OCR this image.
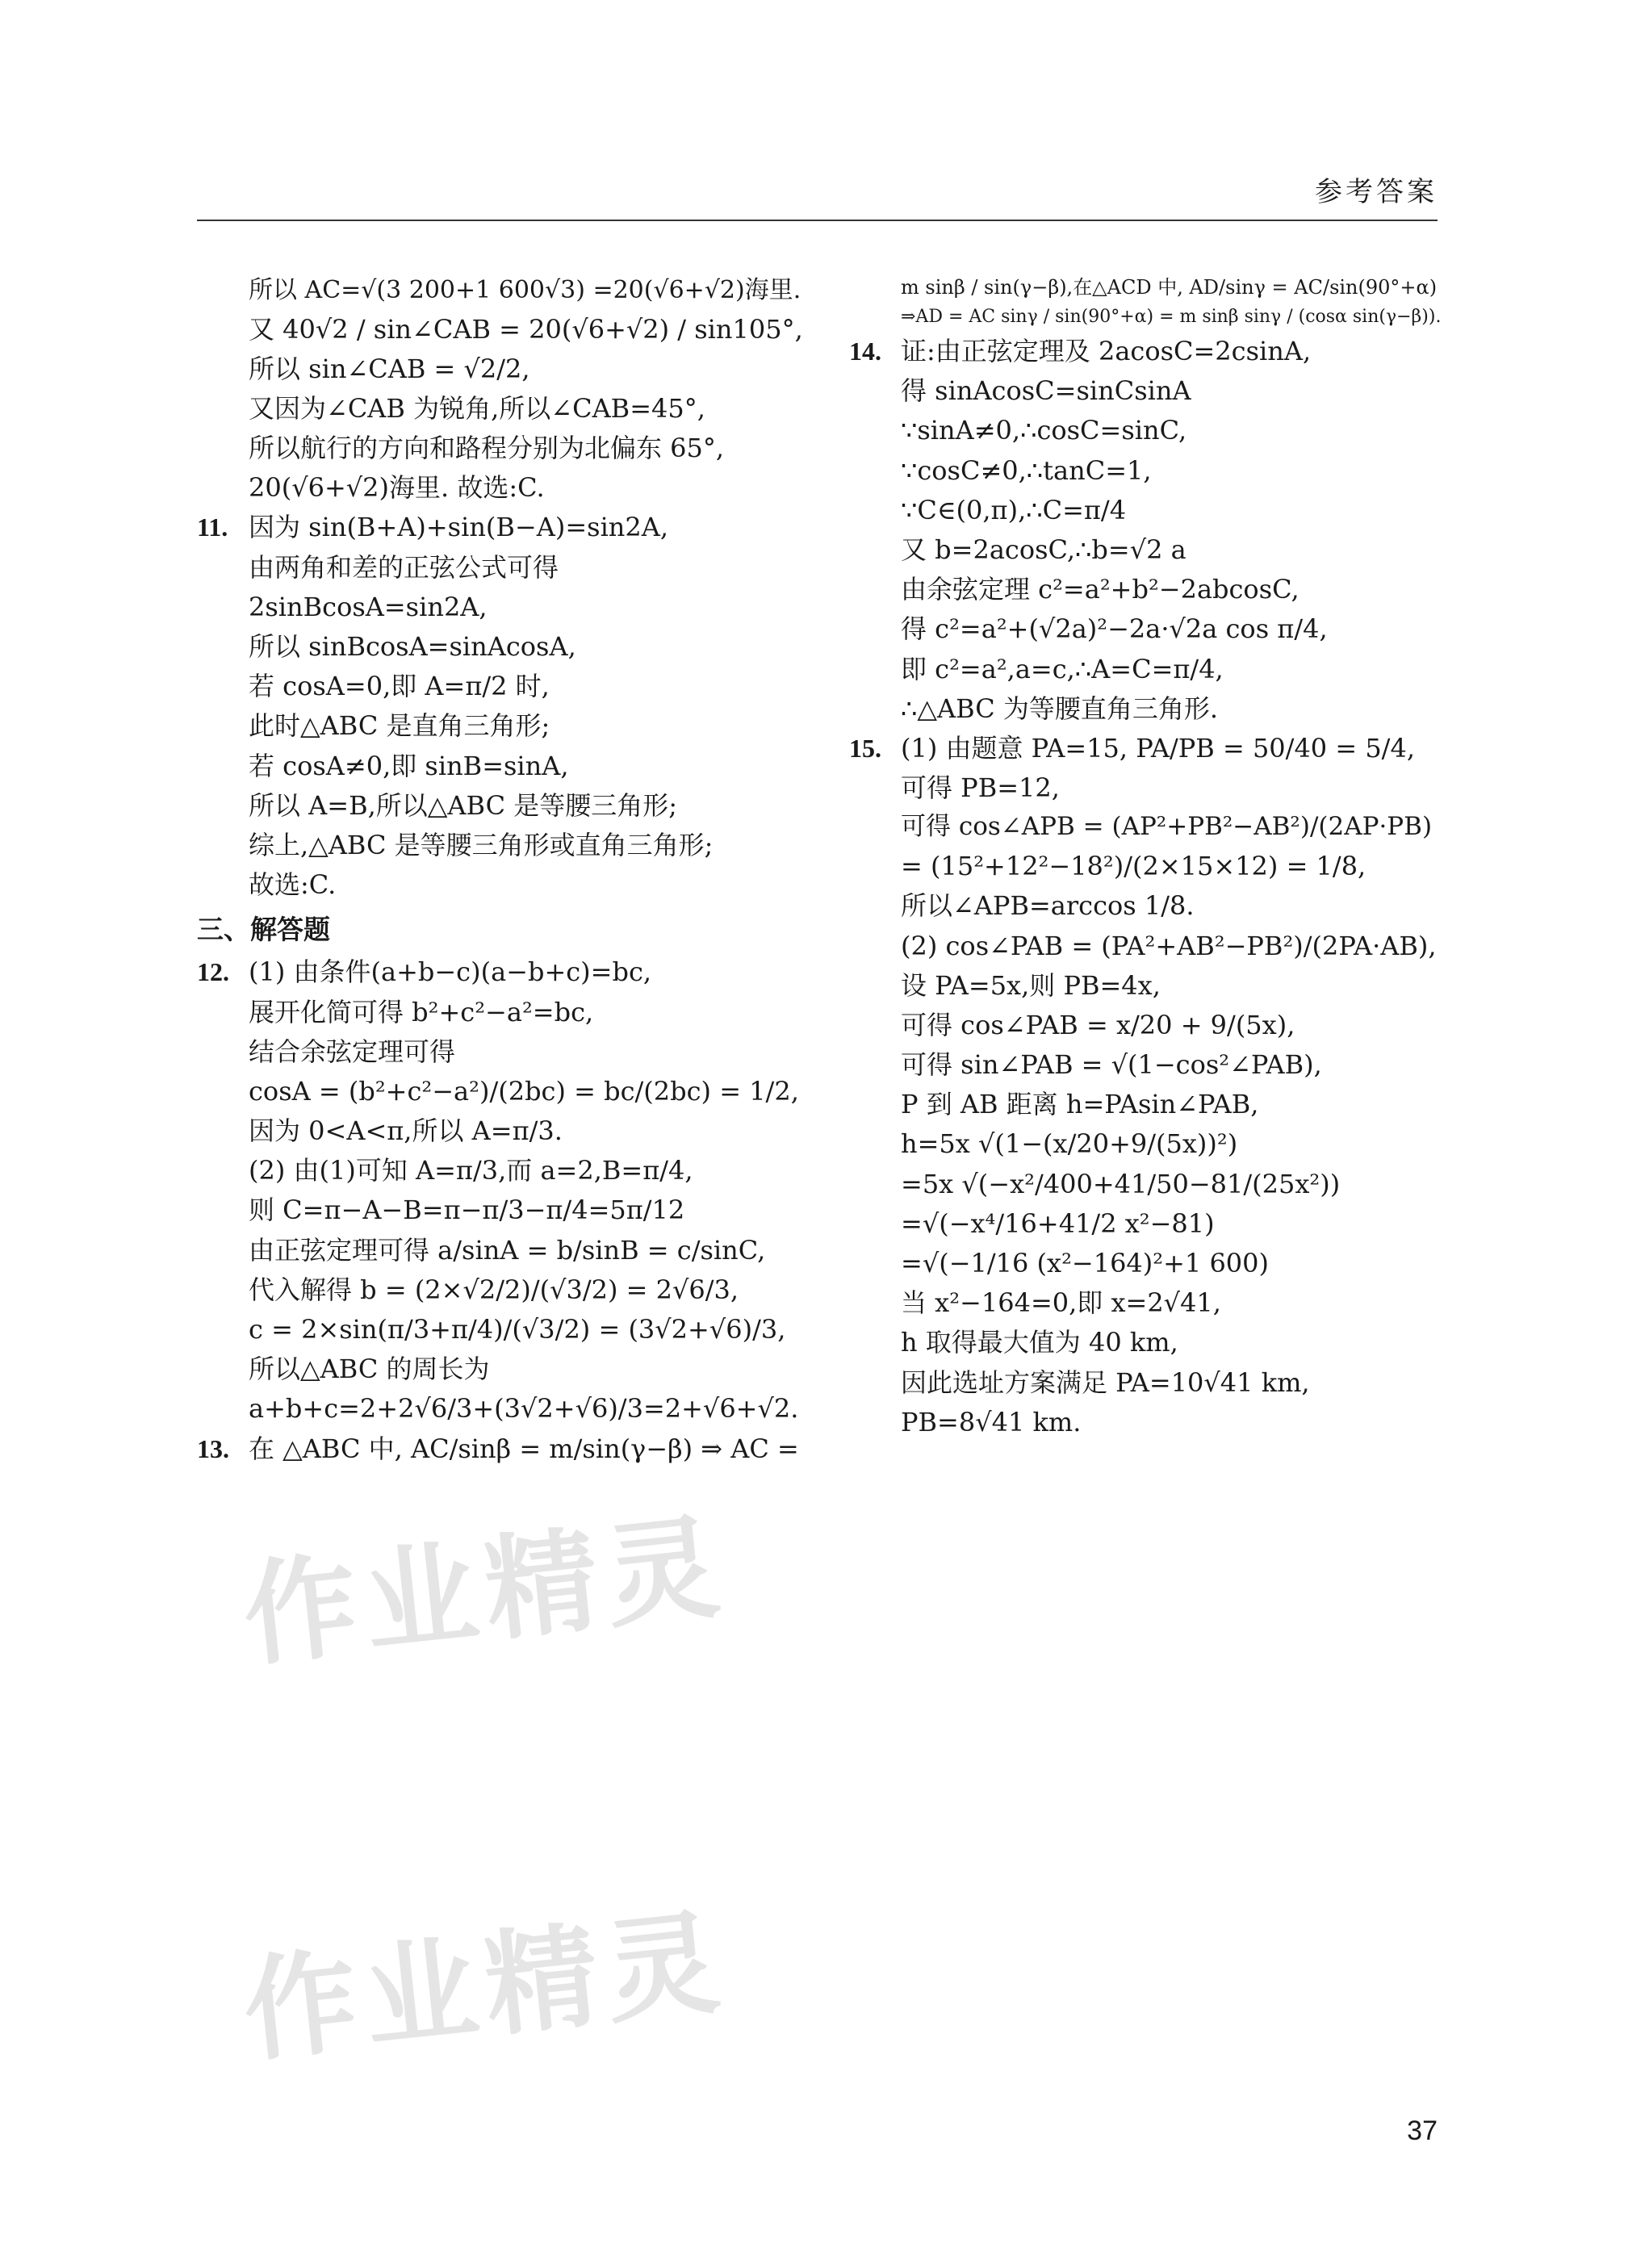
参考答案
所以 AC=√(3 200+1 600√3) =20(√6+√2)海里.
又 40√2 / sin∠CAB = 20(√6+√2) / sin105°,
所以 sin∠CAB = √2/2,
又因为∠CAB 为锐角,所以∠CAB=45°,
所以航行的方向和路程分别为北偏东 65°,
20(√6+√2)海里. 故选:C.
11. 因为 sin(B+A)+sin(B−A)=sin2A,
由两角和差的正弦公式可得
2sinBcosA=sin2A,
所以 sinBcosA=sinAcosA,
若 cosA=0,即 A=π/2 时,
此时△ABC 是直角三角形;
若 cosA≠0,即 sinB=sinA,
所以 A=B,所以△ABC 是等腰三角形;
综上,△ABC 是等腰三角形或直角三角形;
故选:C.
三、解答题
12. (1) 由条件(a+b−c)(a−b+c)=bc,
展开化简可得 b²+c²−a²=bc,
结合余弦定理可得
cosA = (b²+c²−a²)/(2bc) = bc/(2bc) = 1/2,
因为 0<A<π,所以 A=π/3.
(2) 由(1)可知 A=π/3,而 a=2,B=π/4,
则 C=π−A−B=π−π/3−π/4=5π/12
由正弦定理可得 a/sinA = b/sinB = c/sinC,
代入解得 b = (2×√2/2)/(√3/2) = 2√6/3,
c = 2×sin(π/3+π/4)/(√3/2) = (3√2+√6)/3,
所以△ABC 的周长为
a+b+c=2+2√6/3+(3√2+√6)/3=2+√6+√2.
13. 在 △ABC 中, AC/sinβ = m/sin(γ−β) ⇒ AC =
m sinβ / sin(γ−β),在△ACD 中, AD/sinγ = AC/sin(90°+α)
⇒AD = AC sinγ / sin(90°+α) = m sinβ sinγ / (cosα sin(γ−β)).
14. 证:由正弦定理及 2acosC=2csinA,
得 sinAcosC=sinCsinA
∵sinA≠0,∴cosC=sinC,
∵cosC≠0,∴tanC=1,
∵C∈(0,π),∴C=π/4
又 b=2acosC,∴b=√2 a
由余弦定理 c²=a²+b²−2abcosC,
得 c²=a²+(√2a)²−2a·√2a cos π/4,
即 c²=a²,a=c,∴A=C=π/4,
∴△ABC 为等腰直角三角形.
15. (1) 由题意 PA=15, PA/PB = 50/40 = 5/4,
可得 PB=12,
可得 cos∠APB = (AP²+PB²−AB²)/(2AP·PB)
= (15²+12²−18²)/(2×15×12) = 1/8,
所以∠APB=arccos 1/8.
(2) cos∠PAB = (PA²+AB²−PB²)/(2PA·AB),
设 PA=5x,则 PB=4x,
可得 cos∠PAB = x/20 + 9/(5x),
可得 sin∠PAB = √(1−cos²∠PAB),
P 到 AB 距离 h=PAsin∠PAB,
h=5x √(1−(x/20+9/(5x))²)
=5x √(−x²/400+41/50−81/(25x²))
=√(−x⁴/16+41/2 x²−81)
=√(−1/16 (x²−164)²+1 600)
当 x²−164=0,即 x=2√41,
h 取得最大值为 40 km,
因此选址方案满足 PA=10√41 km,
PB=8√41 km.
作业精灵
作业精灵
37
